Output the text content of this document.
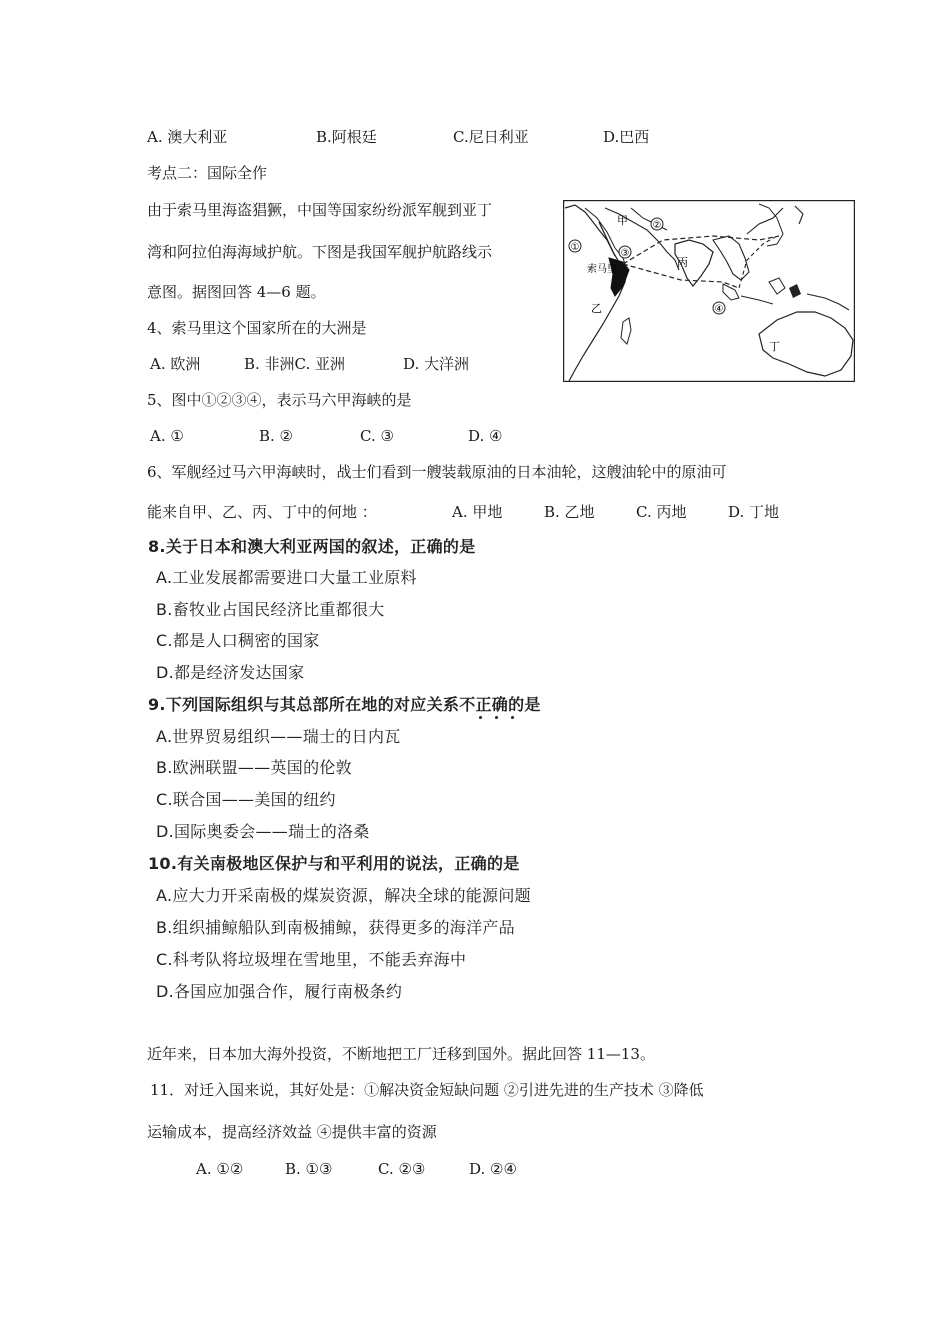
A. 澳大利亚	B.阿根廷	C.尼日利亚	D.巴西
考点二：国际全作
由于索马里海盗猖獗，中国等国家纷纷派军舰到亚丁
湾和阿拉伯海海域护航。下图是我国军舰护航路线示
意图。据图回答 4—6 题。
①
②
③
④
甲
乙
丙
丁
索马里
4、索马里这个国家所在的大洲是
A. 欧洲	B. 非洲C. 亚洲	D. 大洋洲
5、图中①②③④，表示马六甲海峡的是
A. ①	B. ②	C. ③	D. ④
6、军舰经过马六甲海峡时，战士们看到一艘装载原油的日本油轮，这艘油轮中的原油可
能来自甲、乙、丙、丁中的何地 ：	A. 甲地	B. 乙地	C. 丙地	D. 丁地
8.关于日本和澳大利亚两国的叙述，正确的是
A.工业发展都需要进口大量工业原料
B.畜牧业占国民经济比重都很大
C.都是人口稠密的国家
D.都是经济发达国家
9.下列国际组织与其总部所在地的对应关系不正确的是
A.世界贸易组织——瑞士的日内瓦
B.欧洲联盟——英国的伦敦
C.联合国——美国的纽约
D.国际奥委会——瑞士的洛桑
10.有关南极地区保护与和平利用的说法，正确的是
A.应大力开采南极的煤炭资源，解决全球的能源问题
B.组织捕鲸船队到南极捕鲸，获得更多的海洋产品
C.科考队将垃圾埋在雪地里，不能丢弃海中
D.各国应加强合作，履行南极条约
近年来，日本加大海外投资，不断地把工厂迁移到国外。据此回答 11—13。
11．对迁入国来说，其好处是：①解决资金短缺问题 ②引进先进的生产技术 ③降低
运输成本，提高经济效益 ④提供丰富的资源
A. ①②	B. ①③	C. ②③	D. ②④
